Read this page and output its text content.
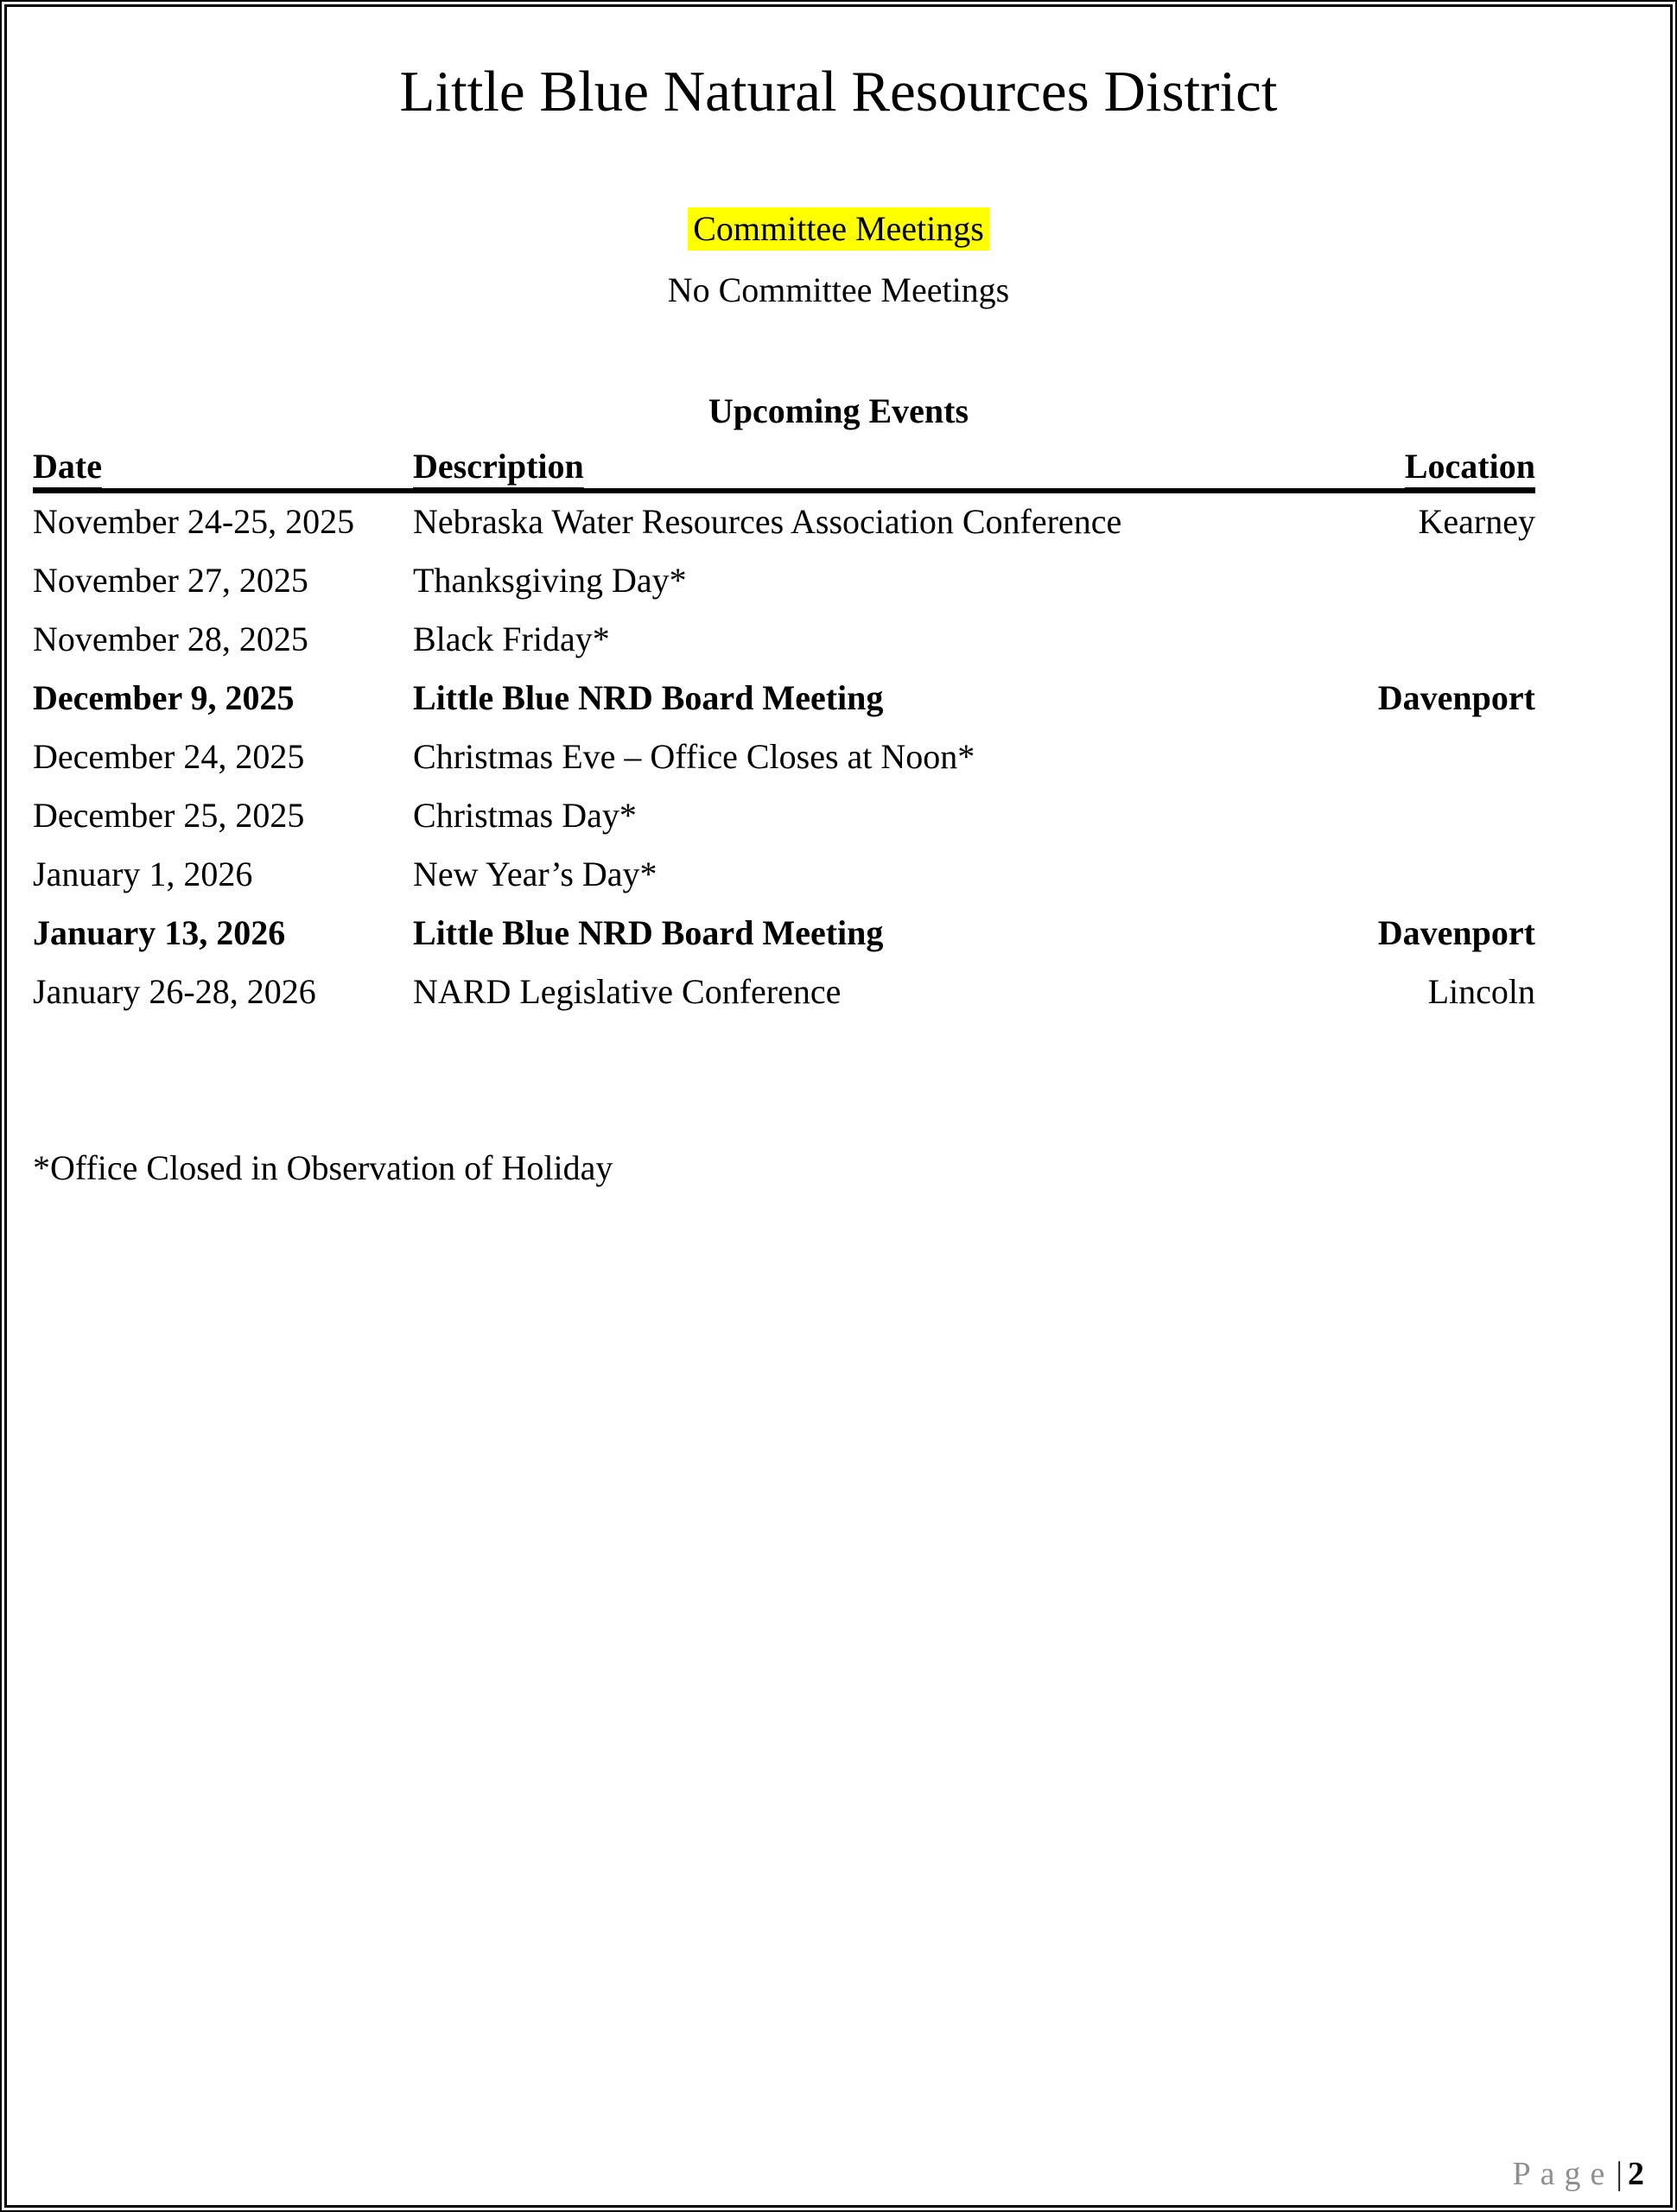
Little Blue Natural Resources District
Committee Meetings
No Committee Meetings
Upcoming Events
Date	Description	Location
November 24-25, 2025	Nebraska Water Resources Association Conference	Kearney
November 27, 2025	Thanksgiving Day*
November 28, 2025	Black Friday*
December 9, 2025	Little Blue NRD Board Meeting	Davenport
December 24, 2025	Christmas Eve – Office Closes at Noon*
December 25, 2025	Christmas Day*
January 1, 2026	New Year’s Day*
January 13, 2026	Little Blue NRD Board Meeting	Davenport
January 26-28, 2026	NARD Legislative Conference	Lincoln
*Office Closed in Observation of Holiday
Page| 2
